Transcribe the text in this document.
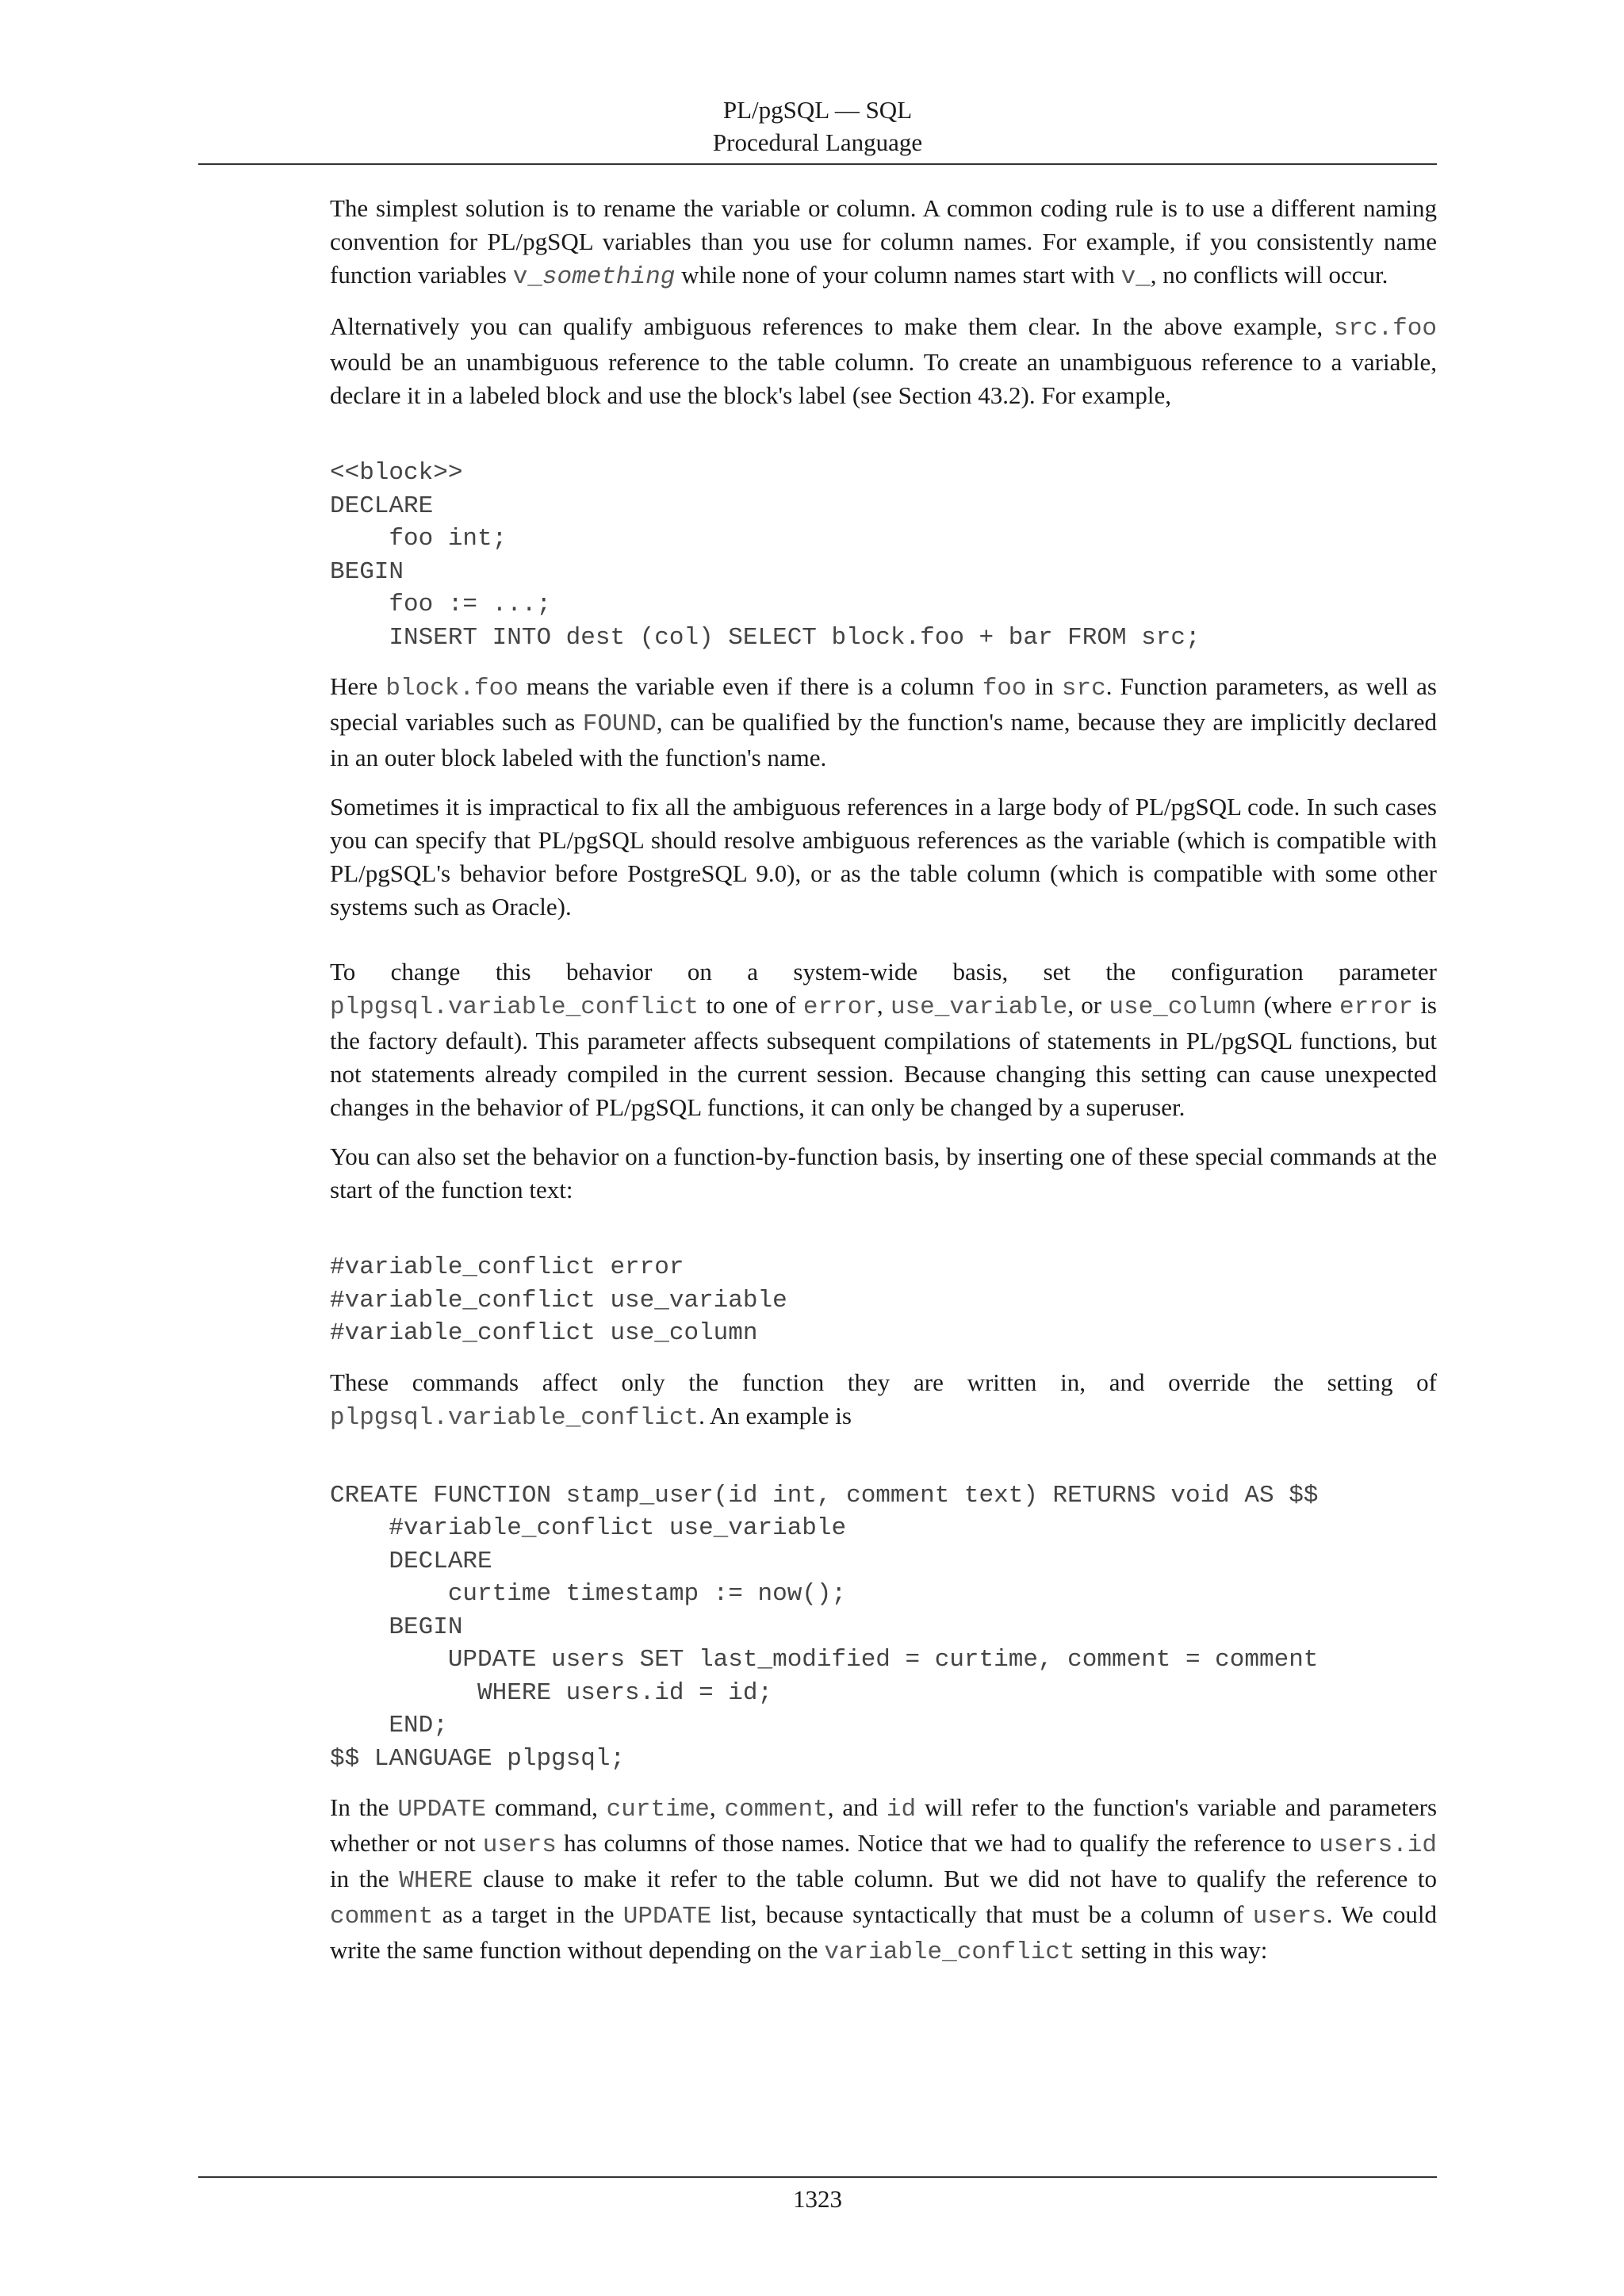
PL/pgSQL — SQL
Procedural Language

The simplest solution is to rename the variable or column. A common coding rule is to use a different naming convention for PL/pgSQL variables than you use for column names. For example, if you consistently name function variables v_something while none of your column names start with v_, no conflicts will occur.

Alternatively you can qualify ambiguous references to make them clear. In the above example, src.foo would be an unambiguous reference to the table column. To create an unambiguous reference to a variable, declare it in a labeled block and use the block's label (see Section 43.2). For example,

<<block>>
DECLARE
foo int;
BEGIN
foo := ...;
INSERT INTO dest (col) SELECT block.foo + bar FROM src;

Here block.foo means the variable even if there is a column foo in src. Function parameters, as well as special variables such as FOUND, can be qualified by the function's name, because they are implicitly declared in an outer block labeled with the function's name.

Sometimes it is impractical to fix all the ambiguous references in a large body of PL/pgSQL code. In such cases you can specify that PL/pgSQL should resolve ambiguous references as the variable (which is compatible with PL/pgSQL's behavior before PostgreSQL 9.0), or as the table column (which is compatible with some other systems such as Oracle).

To change this behavior on a system-wide basis, set the configuration parameter plpgsql.variable_conflict to one of error, use_variable, or use_column (where error is the factory default). This parameter affects subsequent compilations of statements in PL/pgSQL functions, but not statements already compiled in the current session. Because changing this setting can cause unexpected changes in the behavior of PL/pgSQL functions, it can only be changed by a superuser.

You can also set the behavior on a function-by-function basis, by inserting one of these special commands at the start of the function text:

#variable_conflict error
#variable_conflict use_variable
#variable_conflict use_column

These commands affect only the function they are written in, and override the setting of plpgsql.variable_conflict. An example is

CREATE FUNCTION stamp_user(id int, comment text) RETURNS void AS $$
#variable_conflict use_variable
DECLARE
curtime timestamp := now();
BEGIN
UPDATE users SET last_modified = curtime, comment = comment
WHERE users.id = id;
END;
$$ LANGUAGE plpgsql;

In the UPDATE command, curtime, comment, and id will refer to the function's variable and parameters whether or not users has columns of those names. Notice that we had to qualify the reference to users.id in the WHERE clause to make it refer to the table column. But we did not have to qualify the reference to comment as a target in the UPDATE list, because syntactically that must be a column of users. We could write the same function without depending on the variable_conflict setting in this way:

1323
